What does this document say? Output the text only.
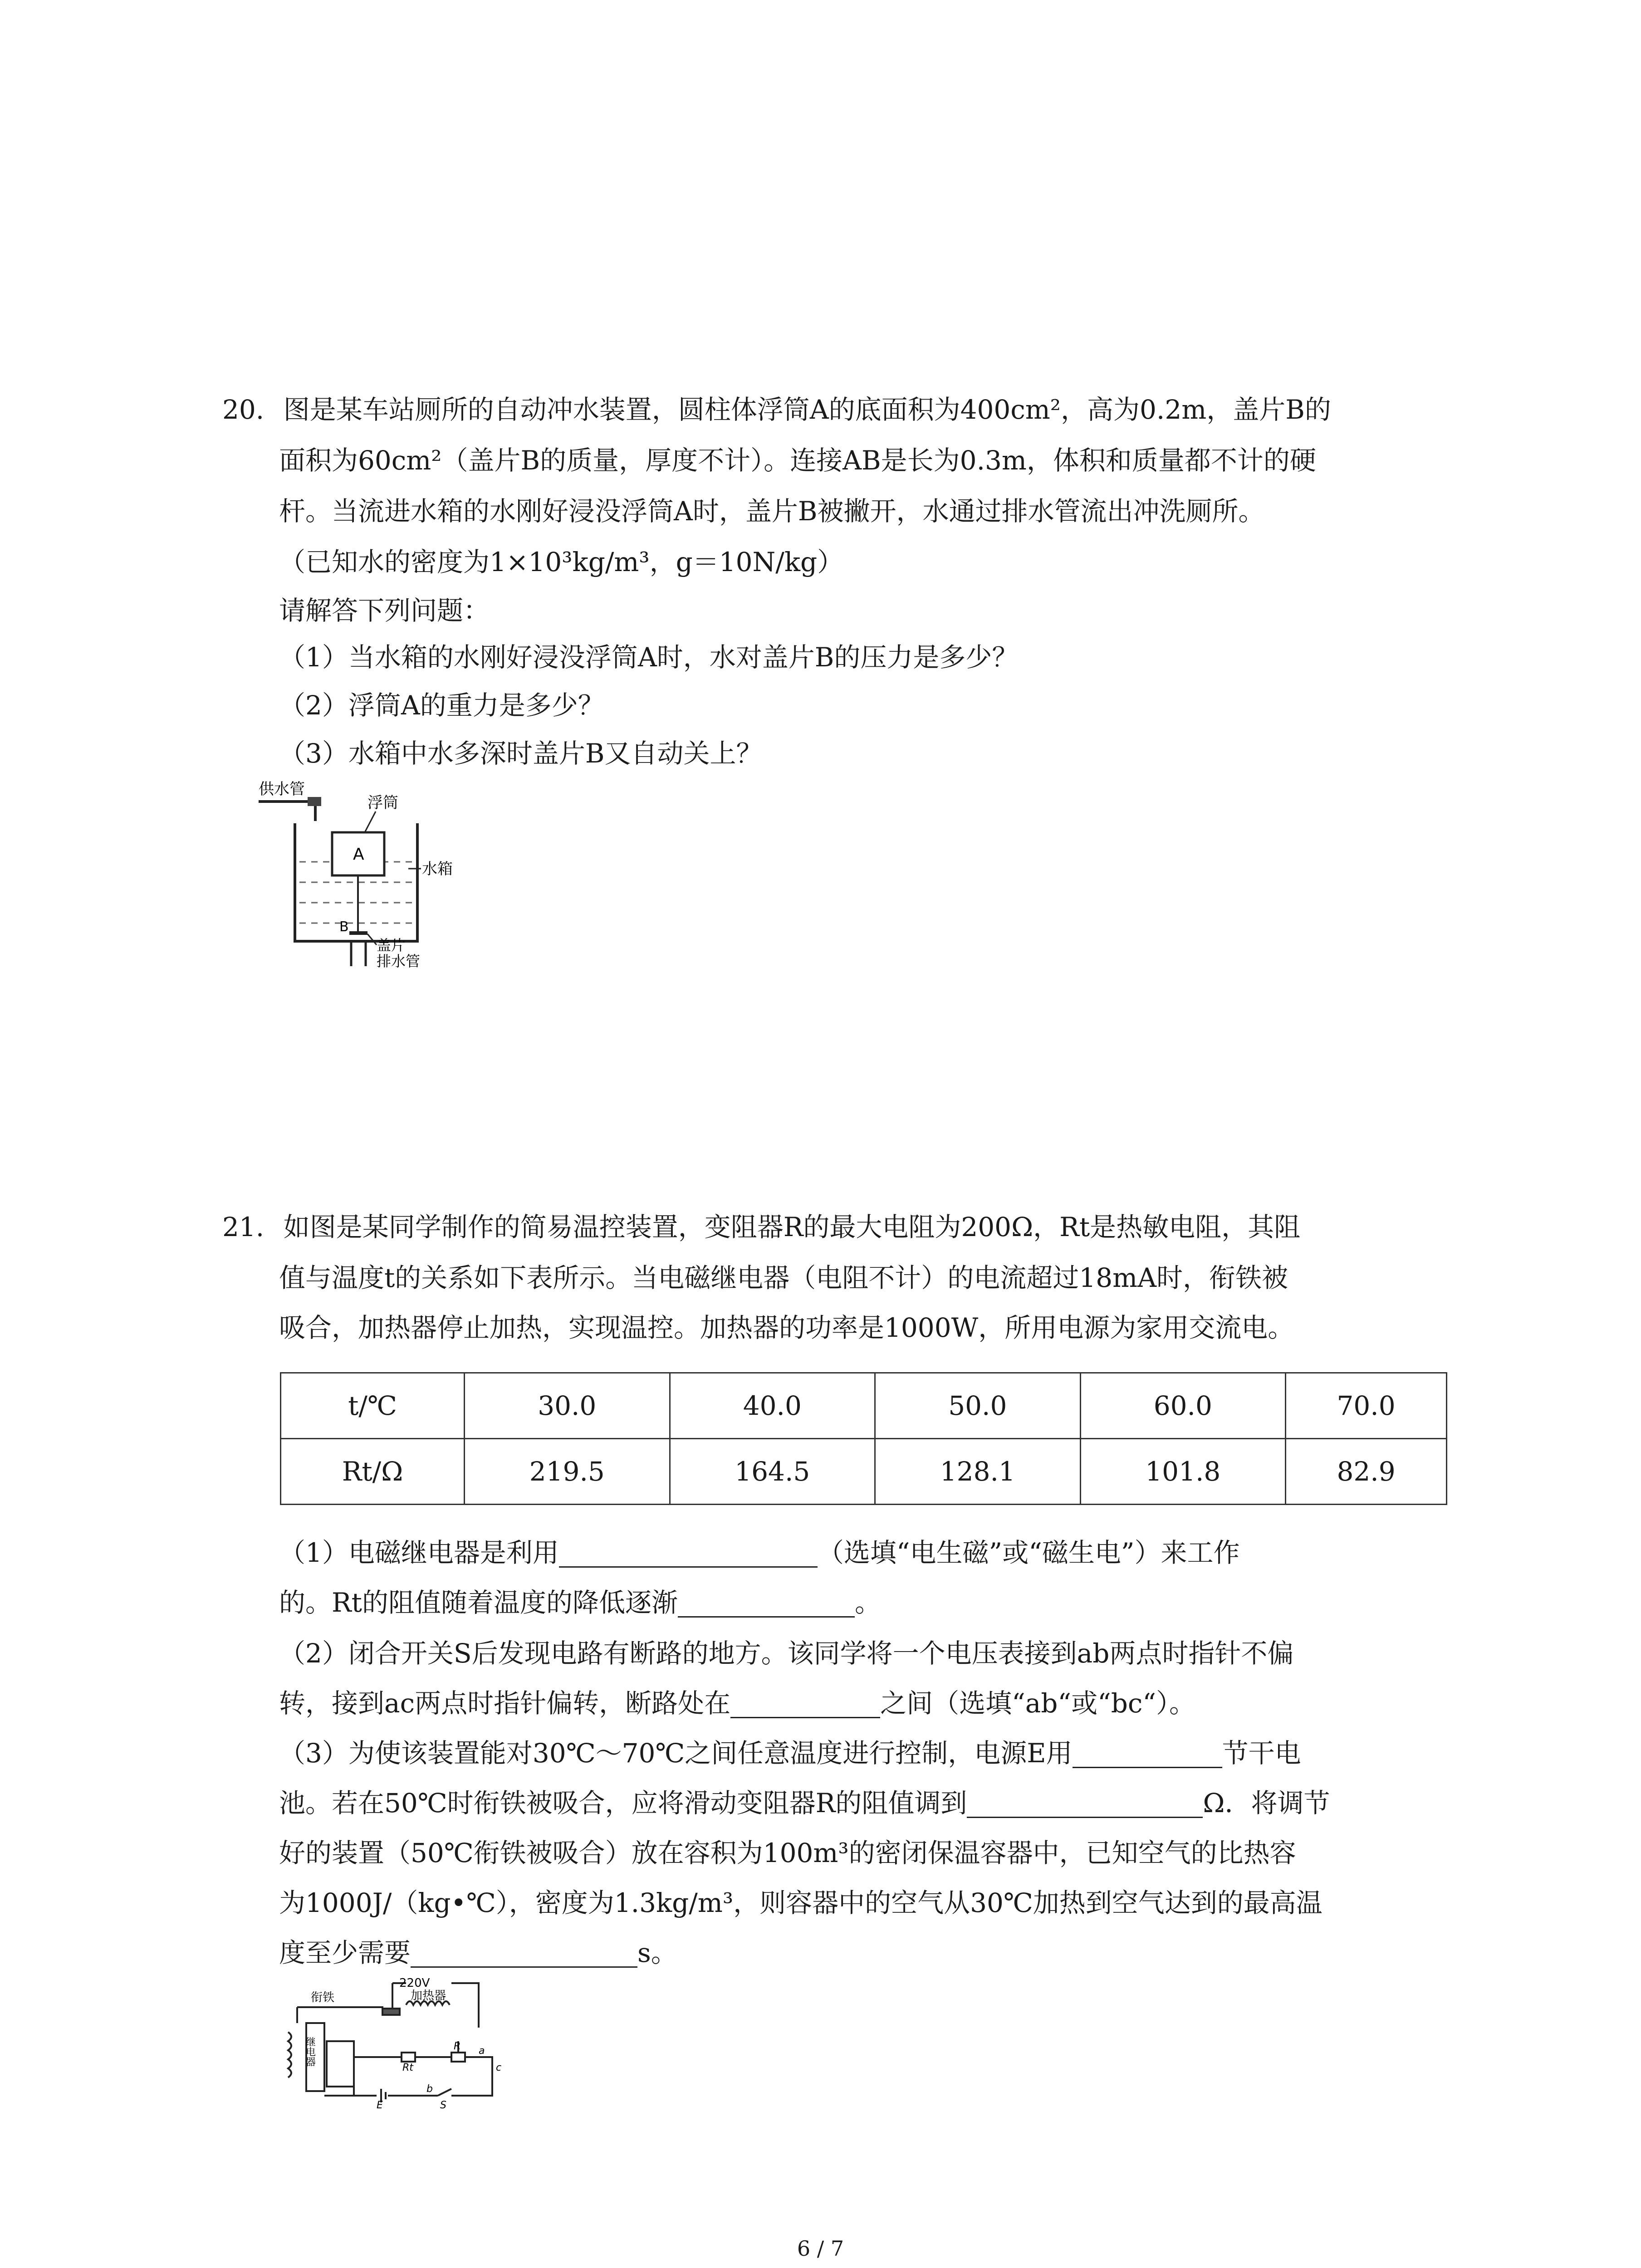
20. 图是某车站厕所的自动冲水装置，圆柱体浮筒A的底面积为400cm²，高为0.2m，盖片B的
面积为60cm²（盖片B的质量，厚度不计）。连接AB是长为0.3m，体积和质量都不计的硬
杆。当流进水箱的水刚好浸没浮筒A时，盖片B被撇开，水通过排水管流出冲洗厕所。
（已知水的密度为1×10³kg/m³，g＝10N/kg）
请解答下列问题：
（1）当水箱的水刚好浸没浮筒A时，水对盖片B的压力是多少？
（2）浮筒A的重力是多少？
（3）水箱中水多深时盖片B又自动关上？
供水管
浮筒
A
B
水箱
盖片
排水管
21. 如图是某同学制作的简易温控装置，变阻器R的最大电阻为200Ω，Rt是热敏电阻，其阻
值与温度t的关系如下表所示。当电磁继电器（电阻不计）的电流超过18mA时，衔铁被
吸合，加热器停止加热，实现温控。加热器的功率是1000W，所用电源为家用交流电。
t/℃	30.0	40.0	50.0	60.0	70.0
Rt/Ω	219.5	164.5	128.1	101.8	82.9
（1）电磁继电器是利用	（选填“电生磁”或“磁生电”）来工作
的。Rt的阻值随着温度的降低逐渐	。
（2）闭合开关S后发现电路有断路的地方。该同学将一个电压表接到ab两点时指针不偏
转，接到ac两点时指针偏转，断路处在	之间（选填“ab“或“bc“）。
（3）为使该装置能对30℃～70℃之间任意温度进行控制，电源E用	节干电
池。若在50℃时衔铁被吸合，应将滑动变阻器R的阻值调到	Ω．将调节
好的装置（50℃衔铁被吸合）放在容积为100m³的密闭保温容器中，已知空气的比热容
为1000J/（kg•℃），密度为1.3kg/m³，则容器中的空气从30℃加热到空气达到的最高温
度至少需要	s。
220V
加热器
衔铁
继电器
Rt
R a
b
c
E	S
6 / 7
